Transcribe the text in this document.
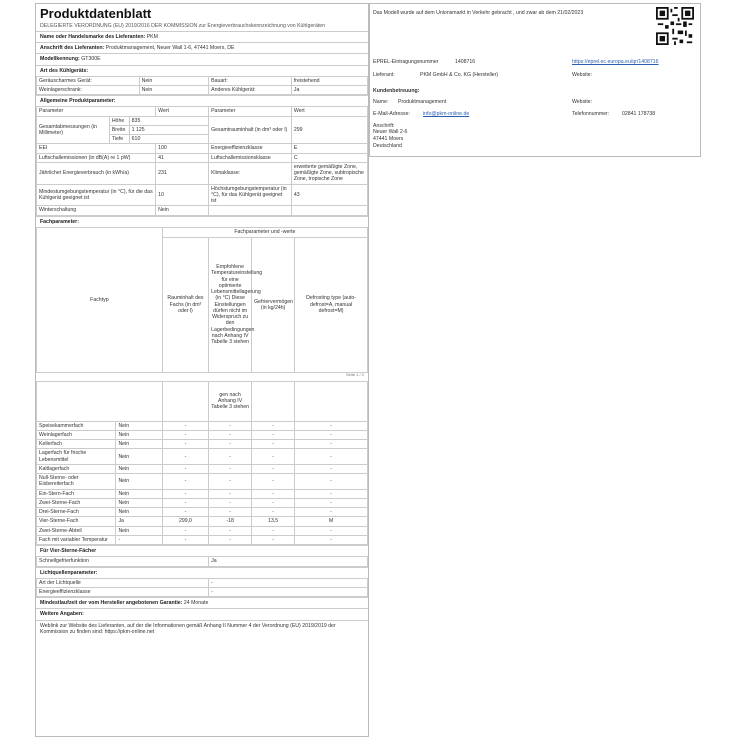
Produktdatenblatt
DELEGIERTE VERORDNUNG (EU) 2019/2016 DER KOMMISSION zur Energieverbrauchskennzeichnung von Kühlgeräten
Name oder Handelsmarke des Lieferanten: PKM
Anschrift des Lieferanten: Produktmanagement, Neuer Wall 1-6, 47441 Moers, DE
Modellkennung: GT300E
Art des Kühlgeräts:
Geräuscharmes Gerät:	Nein	Bauart:	freistehend
Weinlagerschrank:	Nein	Anderes Kühlgerät:	Ja
Allgemeine Produktparameter:
Parameter			Wert	Parameter	Wert
Gesamtabmessungen (in Millimeter)	Höhe	835		Gesamtrauminhalt (in dm³ oder l)	299
	Breite	1 125			
	Tiefe	610			
EEI			100	Energieeffizienzklasse	E
Luftschallemissionen (in dB(A) re 1 pW)			41	Luftschallemissionsklasse	C
Jährlicher Energieverbrauch (in kWh/a)			231	Klimaklasse:	erweiterte gemäßigte Zone, gemäßigte Zone, subtropische Zone, tropische Zone
Mindestumgebungstemperatur (in °C), für die das Kühlgerät geeignet ist			10	Höchstumgebungstemperatur (in °C), für das Kühlgerät geeignet ist	43
Winterschaltung			Nein		
Fachparameter:
Fachtyp	Fachparameter und -werte			
	Rauminhalt des Fachs (in dm³ oder l)	Empfohlene Temperatureinstellung für eine optimierte Lebensmittellagerung (in °C) Diese Einstellungen dürfen nicht im Widerspruch zu den Lagerbedingungen nach Anhang IV Tabelle 3 stehen	Gefriervermögen (in kg/24h)	Defrosting type (auto-defrost=A, manual defrost=M)
Seite 1 / 2
			gen nach Anhang IV Tabelle 3 stehen		
Speisekammerfach	Nein	-	-	-	-
Weinlagerfach	Nein	-	-	-	-
Kellerfach	Nein	-	-	-	-
Lagerfach für frische Lebensmittel	Nein	-	-	-	-
Kaltlagerfach	Nein	-	-	-	-
Null-Sterne- oder Eisbereiterfach	Nein	-	-	-	-
Ein-Stern-Fach	Nein	-	-	-	-
Zwei-Sterne-Fach	Nein	-	-	-	-
Drei-Sterne-Fach	Nein	-	-	-	-
Vier-Sterne-Fach	Ja	299,0	-18	13,5	M
Zwei-Sterne-Abteil	Nein	-	-	-	-
Fach mit variabler Temperatur	-	-	-	-	-
Für Vier-Sterne-Fächer
Schnellgefrierfunktion	Ja
Lichtquellenparameter:
Art der Lichtquelle	-
Energieeffizienzklasse	-
Mindestlaufzeit der vom Hersteller angebotenen Garantie: 24 Monate
Weitere Angaben:
Weblink zur Website des Lieferanten, auf der die Informationen gemäß Anhang II Nummer 4 der Verordnung (EU) 2019/2019 der Kommission zu finden sind: https://pkm-online.net
Das Modell wurde auf dem Unionsmarkt in Verkehr gebracht , und zwar ab dem 21/02/2023
EPREL-Eintragungsnummer	1408716	https://eprel.ec.europa.eu/qr/1408716
Lieferant:	PKM GmbH & Co. KG (Hersteller)	Website:
Kundenbetreuung:
Name: Produktmanagement	Website:
E-Mail-Adresse:	info@pkm-online.de	Telefonnummer: 02841 178738
Anschrift:
Neuer Wall 2-6
47441 Moers
Deutschland
